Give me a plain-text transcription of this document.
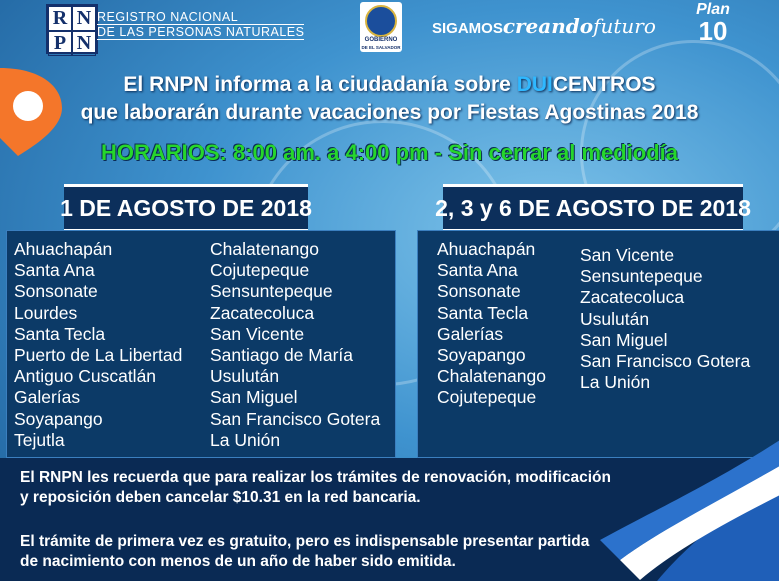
R N
P N
REGISTRO NACIONAL
DE LAS PERSONAS NATURALES
GOBIERNO
DE EL SALVADOR
SIGAMOScreandofuturo
Plan
10
El RNPN informa a la ciudadanía sobre DUICENTROS
que laborarán durante vacaciones por Fiestas Agostinas 2018
HORARIOS: 8:00 am. a 4:00 pm - Sin cerrar al mediodía
1 DE AGOSTO DE 2018	2, 3 y 6 DE AGOSTO DE 2018
Ahuachapán
Santa Ana
Sonsonate
Lourdes
Santa Tecla
Puerto de La Libertad
Antiguo Cuscatlán
Galerías
Soyapango
Tejutla
Chalatenango
Cojutepeque
Sensuntepeque
Zacatecoluca
San Vicente
Santiago de María
Usulután
San Miguel
San Francisco Gotera
La Unión
Ahuachapán
Santa Ana
Sonsonate
Santa Tecla
Galerías
Soyapango
Chalatenango
Cojutepeque
San Vicente
Sensuntepeque
Zacatecoluca
Usulután
San Miguel
San Francisco Gotera
La Unión
El RNPN les recuerda que para realizar los trámites de renovación, modificación
y reposición deben cancelar $10.31 en la red bancaria.
El trámite de primera vez es gratuito, pero es indispensable presentar partida
de nacimiento con menos de un año de haber sido emitida.
